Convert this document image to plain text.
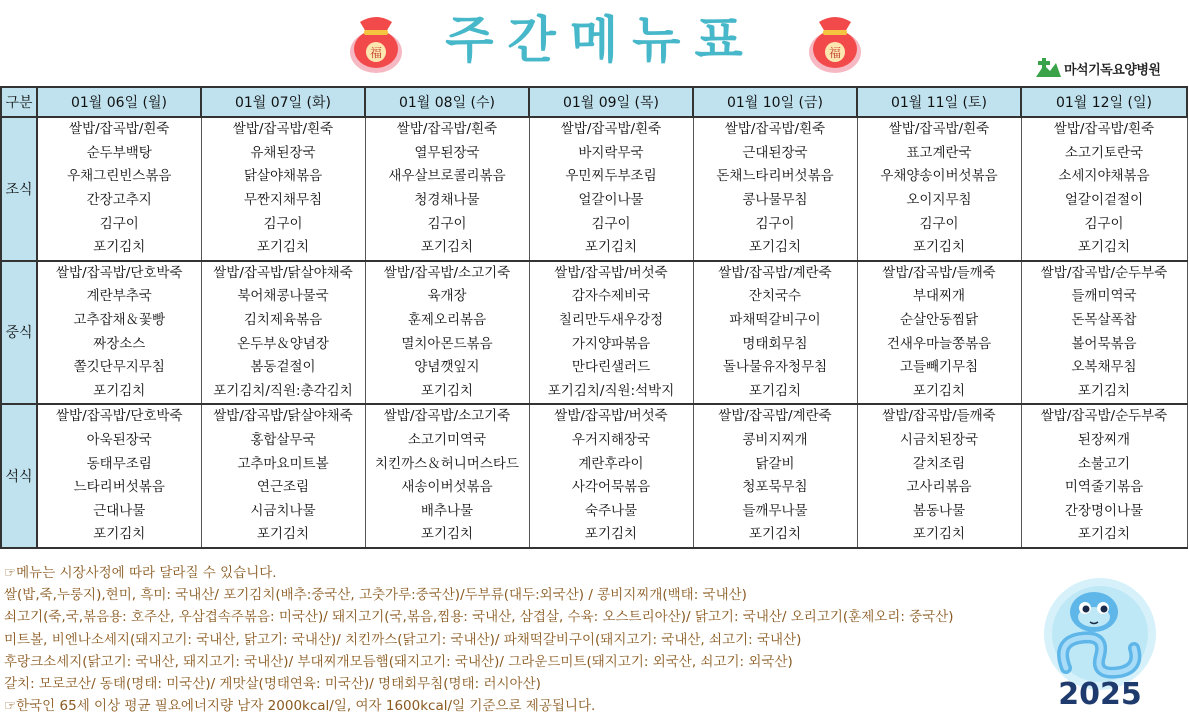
福 주간메뉴표	福
마석기독요양병원
구분	01월 06일 (월)	01월 07일 (화)	01월 08일 (수)	01월 09일 (목)	01월 10일 (금)	01월 11일 (토)	01월 12일 (일)
조식	쌀밥/잡곡밥/흰죽	쌀밥/잡곡밥/흰죽	쌀밥/잡곡밥/흰죽	쌀밥/잡곡밥/흰죽	쌀밥/잡곡밥/흰죽	쌀밥/잡곡밥/흰죽	쌀밥/잡곡밥/흰죽
	순두부백탕	유채된장국	열무된장국	바지락무국	근대된장국	표고계란국	소고기토란국
	우채그린빈스볶음	닭살야채볶음	새우살브로콜리볶음	우민찌두부조림	돈채느타리버섯볶음	우채양송이버섯볶음	소세지야채볶음
	간장고추지	무짠지채무침	청경채나물	얼갈이나물	콩나물무침	오이지무침	얼갈이겉절이
	김구이	김구이	김구이	김구이	김구이	김구이	김구이
	포기김치	포기김치	포기김치	포기김치	포기김치	포기김치	포기김치
중식	쌀밥/잡곡밥/단호박죽	쌀밥/잡곡밥/닭살야채죽	쌀밥/잡곡밥/소고기죽	쌀밥/잡곡밥/버섯죽	쌀밥/잡곡밥/계란죽	쌀밥/잡곡밥/들깨죽	쌀밥/잡곡밥/순두부죽
	계란부추국	북어채콩나물국	육개장	감자수제비국	잔치국수	부대찌개	들깨미역국
	고추잡채＆꽃빵	김치제육볶음	훈제오리볶음	칠리만두새우강정	파채떡갈비구이	순살안동찜닭	돈목살폭찹
	짜장소스	온두부＆양념장	멸치아몬드볶음	가지양파볶음	명태회무침	건새우마늘쫑볶음	볼어묵볶음
	쫄깃단무지무침	봄동겉절이	양념깻잎지	만다린샐러드	돌나물유자청무침	고들빼기무침	오복채무침
	포기김치	포기김치/직원:총각김치	포기김치	포기김치/직원:석박지	포기김치	포기김치	포기김치
석식	쌀밥/잡곡밥/단호박죽	쌀밥/잡곡밥/닭살야채죽	쌀밥/잡곡밥/소고기죽	쌀밥/잡곡밥/버섯죽	쌀밥/잡곡밥/계란죽	쌀밥/잡곡밥/들깨죽	쌀밥/잡곡밥/순두부죽
	아욱된장국	홍합살무국	소고기미역국	우거지해장국	콩비지찌개	시금치된장국	된장찌개
	동태무조림	고추마요미트볼	치킨까스＆허니머스타드	계란후라이	닭갈비	갈치조림	소불고기
	느타리버섯볶음	연근조림	새송이버섯볶음	사각어묵볶음	청포묵무침	고사리볶음	미역줄기볶음
	근대나물	시금치나물	배추나물	숙주나물	들깨무나물	봄동나물	간장명이나물
	포기김치	포기김치	포기김치	포기김치	포기김치	포기김치	포기김치
☞메뉴는 시장사정에 따라 달라질 수 있습니다.
쌀(밥,죽,누룽지),현미, 흑미: 국내산/ 포기김치(배추:중국산, 고춧가루:중국산)/두부류(대두:외국산) / 콩비지찌개(백태: 국내산)
쇠고기(죽,국,볶음용: 호주산, 우삼겹속주볶음: 미국산)/ 돼지고기(국,볶음,찜용: 국내산, 삼겹살, 수육: 오스트리아산)/ 닭고기: 국내산/ 오리고기(훈제오리: 중국산)
미트볼, 비엔나소세지(돼지고기: 국내산, 닭고기: 국내산)/ 치킨까스(닭고기: 국내산)/ 파채떡갈비구이(돼지고기: 국내산, 쇠고기: 국내산)
후랑크소세지(닭고기: 국내산, 돼지고기: 국내산)/ 부대찌개모듬햄(돼지고기: 국내산)/ 그라운드미트(돼지고기: 외국산, 쇠고기: 외국산)
갈치: 모로코산/ 동태(명태: 미국산)/ 게맛살(명태연육: 미국산)/ 명태회무침(명태: 러시아산)
☞한국인 65세 이상 평균 필요에너지량 남자 2000kcal/일, 여자 1600kcal/일 기준으로 제공됩니다.	2025
